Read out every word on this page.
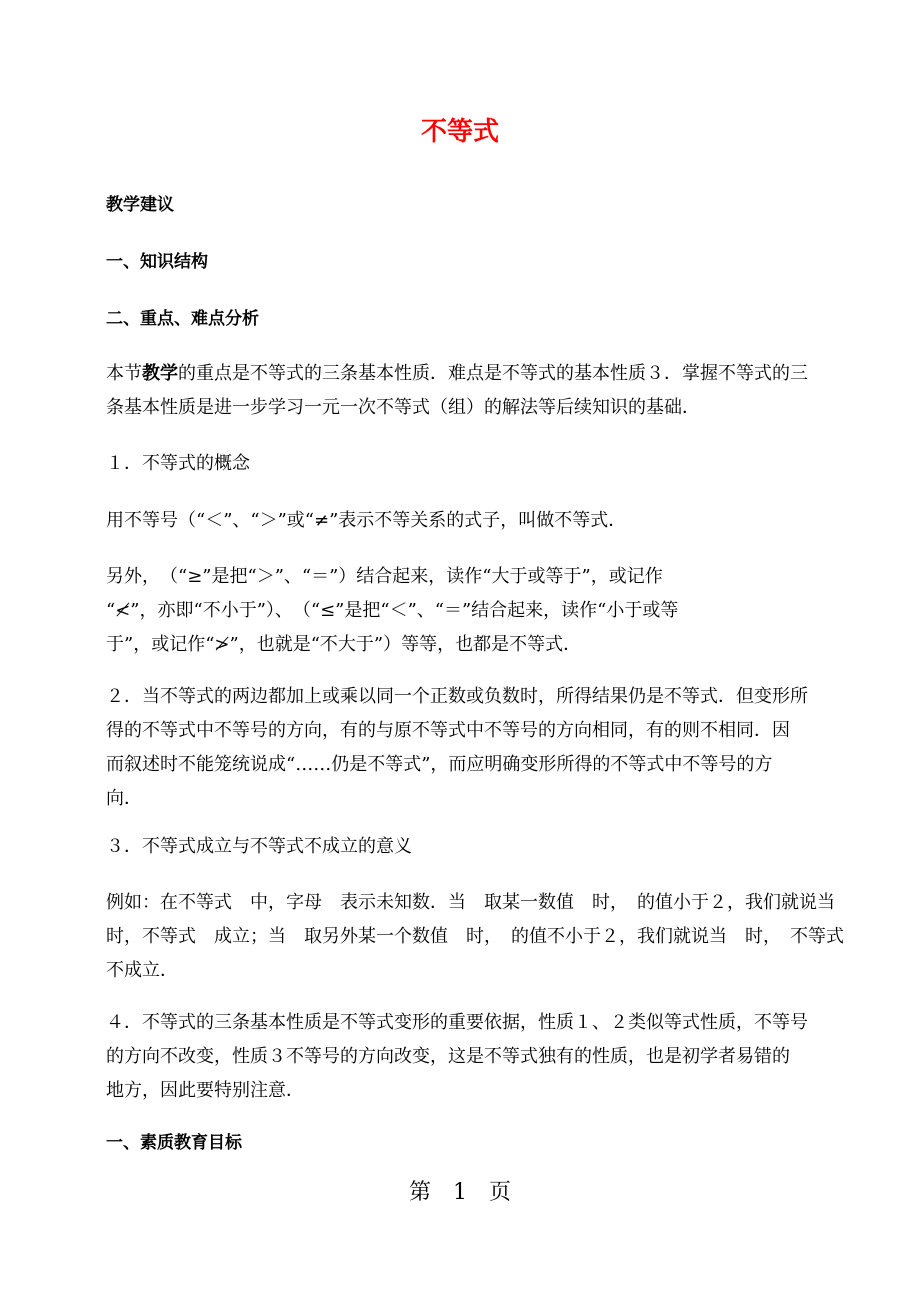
不等式
教学建议
一、知识结构
二、重点、难点分析
本节教学的重点是不等式的三条基本性质．难点是不等式的基本性质３．掌握不等式的三
条基本性质是进一步学习一元一次不等式（组）的解法等后续知识的基础．
１．不等式的概念
用不等号（“＜”、“＞”或“≠”表示不等关系的式子，叫做不等式．
另外，　（“≥”是把“＞”、“＝”）结合起来，读作“大于或等于”，或记作
“≮”，亦即“不小于”）、　（“≤”是把“＜”、“＝”结合起来，读作“小于或等
于”，或记作“≯”，也就是“不大于”）等等，也都是不等式．
２．当不等式的两边都加上或乘以同一个正数或负数时，所得结果仍是不等式．但变形所
得的不等式中不等号的方向，有的与原不等式中不等号的方向相同，有的则不相同．因
而叙述时不能笼统说成“……仍是不等式”，而应明确变形所得的不等式中不等号的方
向．
３．不等式成立与不等式不成立的意义
例如：在不等式　中，字母　表示未知数．当　取某一数值　时，　的值小于２，我们就说当
时，不等式　成立；当　取另外某一个数值　时，　的值不小于２，我们就说当　时，　不等式
不成立．
４．不等式的三条基本性质是不等式变形的重要依据，性质１、２类似等式性质，不等号
的方向不改变，性质３不等号的方向改变，这是不等式独有的性质，也是初学者易错的
地方，因此要特别注意．
一、素质教育目标
第　1　页
